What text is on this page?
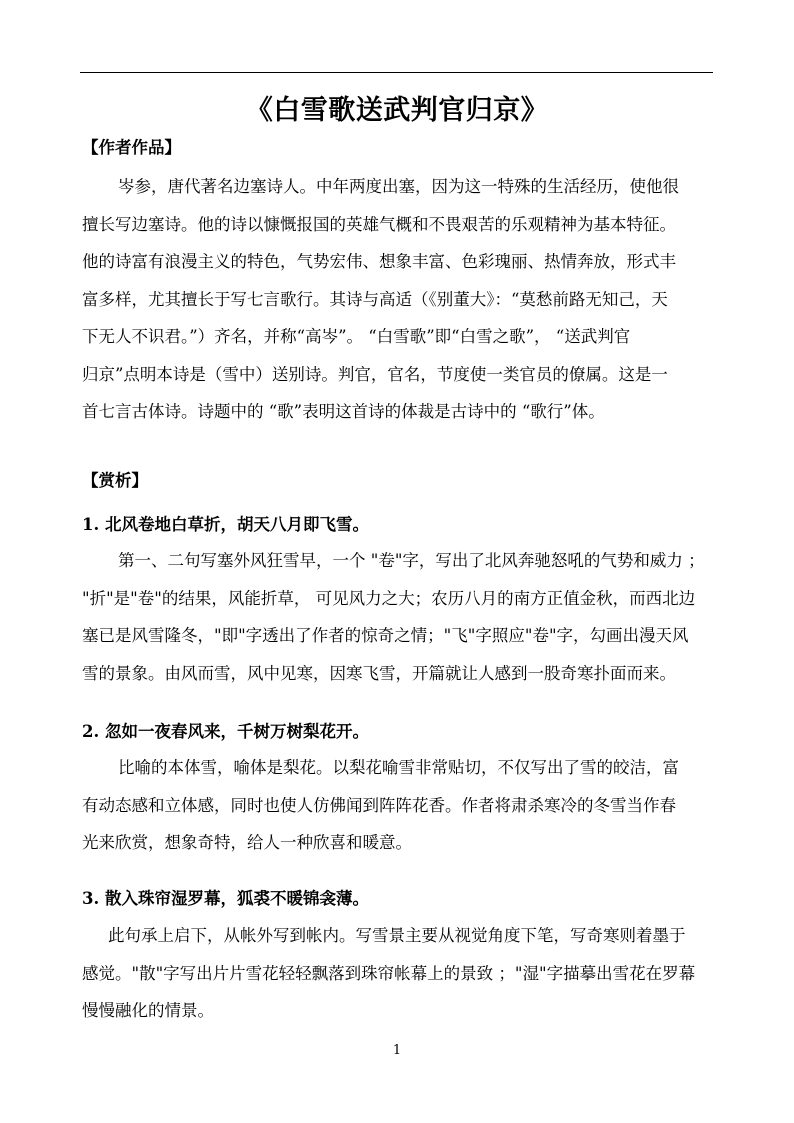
《白雪歌送武判官归京》
【作者作品】
岑参，唐代著名边塞诗人。中年两度出塞，因为这一特殊的生活经历，使他很
擅长写边塞诗。他的诗以慷慨报国的英雄气概和不畏艰苦的乐观精神为基本特征。
他的诗富有浪漫主义的特色，气势宏伟、想象丰富、色彩瑰丽、热情奔放，形式丰
富多样，尤其擅长于写七言歌行。其诗与高适（《别董大》：“莫愁前路无知己，天
下无人不识君。”）齐名，并称“高岑”。 “白雪歌”即“白雪之歌”， “送武判官
归京”点明本诗是（雪中）送别诗。判官，官名，节度使一类官员的僚属。这是一
首七言古体诗。诗题中的 “歌”表明这首诗的体裁是古诗中的 “歌行”体。
【赏析】
1. 北风卷地白草折，胡天八月即飞雪。
第一、二句写塞外风狂雪早，一个 "卷"字，写出了北风奔驰怒吼的气势和威力 ；
"折"是"卷"的结果，风能折草， 可见风力之大；农历八月的南方正值金秋，而西北边
塞已是风雪隆冬，"即"字透出了作者的惊奇之情；"飞"字照应"卷"字，勾画出漫天风
雪的景象。由风而雪，风中见寒，因寒飞雪，开篇就让人感到一股奇寒扑面而来。
2. 忽如一夜春风来，千树万树梨花开。
比喻的本体雪，喻体是梨花。以梨花喻雪非常贴切，不仅写出了雪的皎洁，富
有动态感和立体感，同时也使人仿佛闻到阵阵花香。作者将肃杀寒冷的冬雪当作春
光来欣赏，想象奇特，给人一种欣喜和暖意。
3. 散入珠帘湿罗幕，狐裘不暖锦衾薄。
此句承上启下，从帐外写到帐内。写雪景主要从视觉角度下笔，写奇寒则着墨于
感觉。"散"字写出片片雪花轻轻飘落到珠帘帐幕上的景致 ；"湿"字描摹出雪花在罗幕
慢慢融化的情景。
1
